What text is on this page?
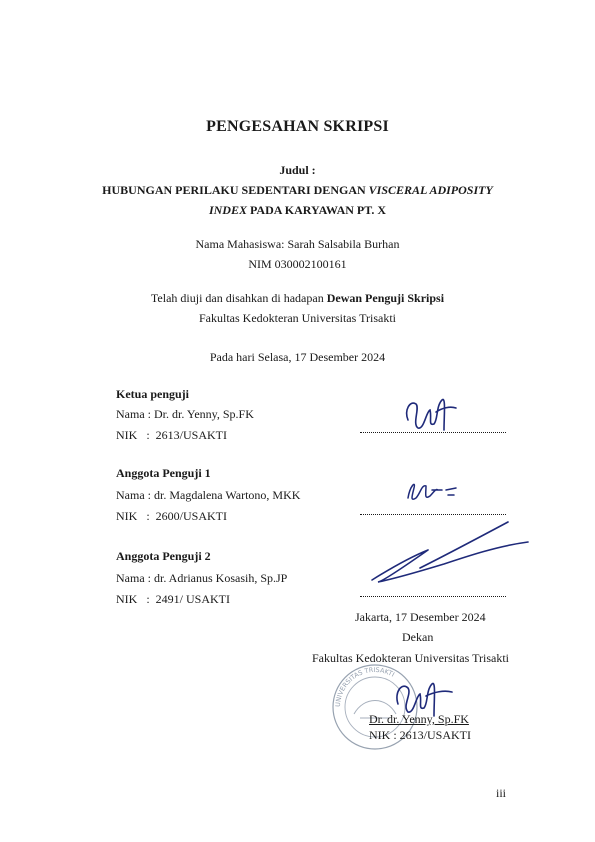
PENGESAHAN SKRIPSI
Judul :
HUBUNGAN PERILAKU SEDENTARI DENGAN VISCERAL ADIPOSITY
INDEX PADA KARYAWAN PT. X
Nama Mahasiswa: Sarah Salsabila Burhan
NIM 030002100161
Telah diuji dan disahkan di hadapan Dewan Penguji Skripsi
Fakultas Kedokteran Universitas Trisakti
Pada hari Selasa, 17 Desember 2024
Ketua penguji
Nama : Dr. dr. Yenny, Sp.FK
NIK   :  2613/USAKTI
Anggota Penguji 1
Nama : dr. Magdalena Wartono, MKK
NIK   :  2600/USAKTI
Anggota Penguji 2
Nama : dr. Adrianus Kosasih, Sp.JP
NIK   :  2491/ USAKTI
Jakarta, 17 Desember 2024
Dekan
Fakultas Kedokteran Universitas Trisakti
UNIVERSITAS TRISAKTI
Dr. dr. Yenny, Sp.FK
NIK : 2613/USAKTI
iii
